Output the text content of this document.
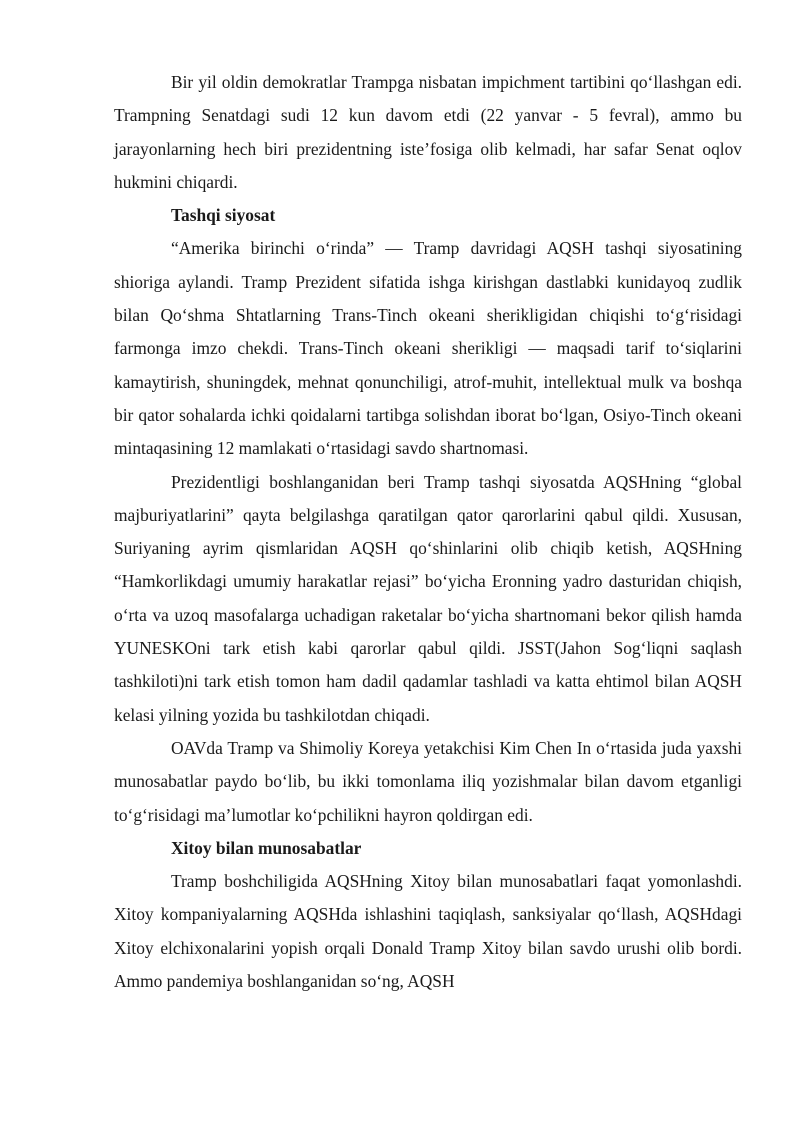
Bir yil oldin demokratlar Trampga nisbatan impichment tartibini qo‘llashgan edi. Trampning Senatdagi sudi 12 kun davom etdi (22 yanvar - 5 fevral), ammo bu jarayonlarning hech biri prezidentning iste’fosiga olib kelmadi, har safar Senat oqlov hukmini chiqardi.

Tashqi siyosat

“Amerika birinchi o‘rinda” — Tramp davridagi AQSH tashqi siyosatining shioriga aylandi. Tramp Prezident sifatida ishga kirishgan dastlabki kunidayoq zudlik bilan Qo‘shma Shtatlarning Trans-Tinch okeani sherikligidan chiqishi to‘g‘risidagi farmonga imzo chekdi. Trans-Tinch okeani sherikligi — maqsadi tarif to‘siqlarini kamaytirish, shuningdek, mehnat qonunchiligi, atrof-muhit, intellektual mulk va boshqa bir qator sohalarda ichki qoidalarni tartibga solishdan iborat bo‘lgan, Osiyo-Tinch okeani mintaqasining 12 mamlakati o‘rtasidagi savdo shartnomasi.

Prezidentligi boshlanganidan beri Tramp tashqi siyosatda AQSHning “global majburiyatlarini” qayta belgilashga qaratilgan qator qarorlarini qabul qildi. Xususan, Suriyaning ayrim qismlaridan AQSH qo‘shinlarini olib chiqib ketish, AQSHning “Hamkorlikdagi umumiy harakatlar rejasi” bo‘yicha Eronning yadro dasturidan chiqish, o‘rta va uzoq masofalarga uchadigan raketalar bo‘yicha shartnomani bekor qilish hamda YUNESKOni tark etish kabi qarorlar qabul qildi. JSST(Jahon Sog‘liqni saqlash tashkiloti)ni tark etish tomon ham dadil qadamlar tashladi va katta ehtimol bilan AQSH kelasi yilning yozida bu tashkilotdan chiqadi.

OAVda Tramp va Shimoliy Koreya yetakchisi Kim Chen In o‘rtasida juda yaxshi munosabatlar paydo bo‘lib, bu ikki tomonlama iliq yozishmalar bilan davom etganligi to‘g‘risidagi ma’lumotlar ko‘pchilikni hayron qoldirgan edi.

Xitoy bilan munosabatlar

Tramp boshchiligida AQSHning Xitoy bilan munosabatlari faqat yomonlashdi. Xitoy kompaniyalarning AQSHda ishlashini taqiqlash, sanksiyalar qo‘llash, AQSHdagi Xitoy elchixonalarini yopish orqali Donald Tramp Xitoy bilan savdo urushi olib bordi. Ammo pandemiya boshlanganidan so‘ng, AQSH
